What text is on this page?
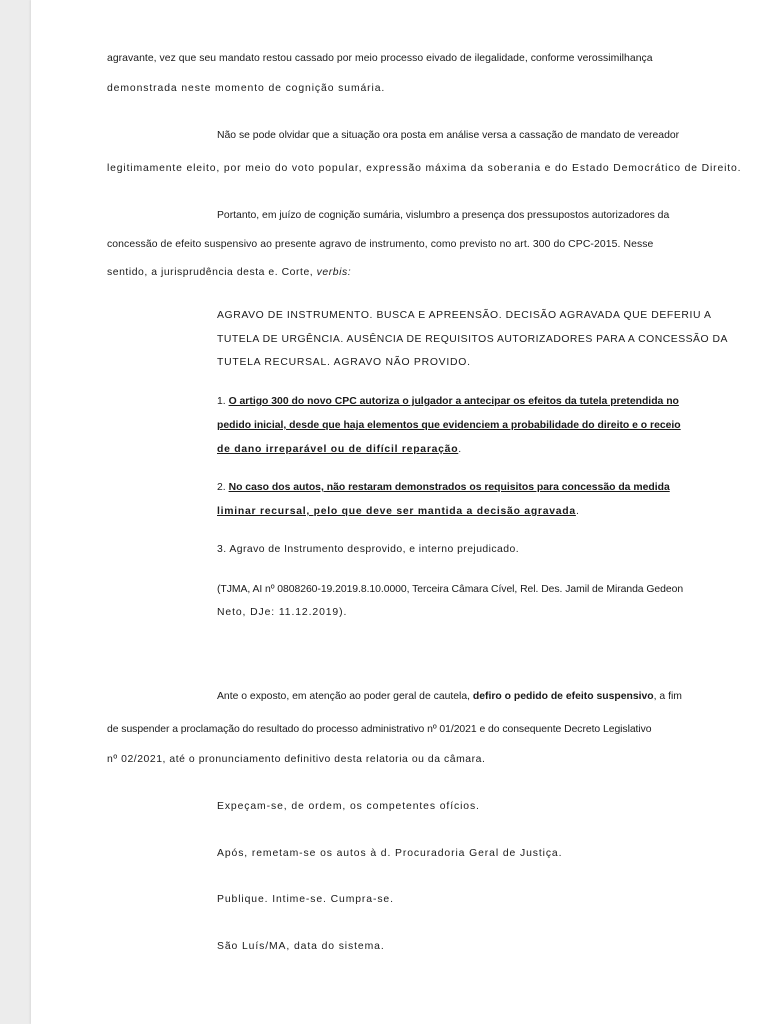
agravante, vez que seu mandato restou cassado por meio processo eivado de ilegalidade, conforme verossimilhança
demonstrada neste momento de cognição sumária.
Não se pode olvidar que a situação ora posta em análise versa a cassação de mandato de vereador
legitimamente eleito, por meio do voto popular, expressão máxima da soberania e do Estado Democrático de Direito.
Portanto, em juízo de cognição sumária, vislumbro a presença dos pressupostos autorizadores da
concessão de efeito suspensivo ao presente agravo de instrumento, como previsto no art. 300 do CPC-2015. Nesse
sentido, a jurisprudência desta e. Corte, verbis:
AGRAVO DE INSTRUMENTO. BUSCA E APREENSÃO. DECISÃO AGRAVADA QUE DEFERIU A
TUTELA DE URGÊNCIA. AUSÊNCIA DE REQUISITOS AUTORIZADORES PARA A CONCESSÃO DA
TUTELA RECURSAL. AGRAVO NÃO PROVIDO.
1. O artigo 300 do novo CPC autoriza o julgador a antecipar os efeitos da tutela pretendida no
pedido inicial, desde que haja elementos que evidenciem a probabilidade do direito e o receio
de dano irreparável ou de difícil reparação.
2. No caso dos autos, não restaram demonstrados os requisitos para concessão da medida
liminar recursal, pelo que deve ser mantida a decisão agravada.
3. Agravo de Instrumento desprovido, e interno prejudicado.
(TJMA, AI nº 0808260-19.2019.8.10.0000, Terceira Câmara Cível, Rel. Des. Jamil de Miranda Gedeon
Neto, DJe: 11.12.2019).
Ante o exposto, em atenção ao poder geral de cautela, defiro o pedido de efeito suspensivo, a fim
de suspender a proclamação do resultado do processo administrativo nº 01/2021 e do consequente Decreto Legislativo
nº 02/2021, até o pronunciamento definitivo desta relatoria ou da câmara.
Expeçam-se, de ordem, os competentes ofícios.
Após, remetam-se os autos à d. Procuradoria Geral de Justiça.
Publique. Intime-se. Cumpra-se.
São Luís/MA, data do sistema.
